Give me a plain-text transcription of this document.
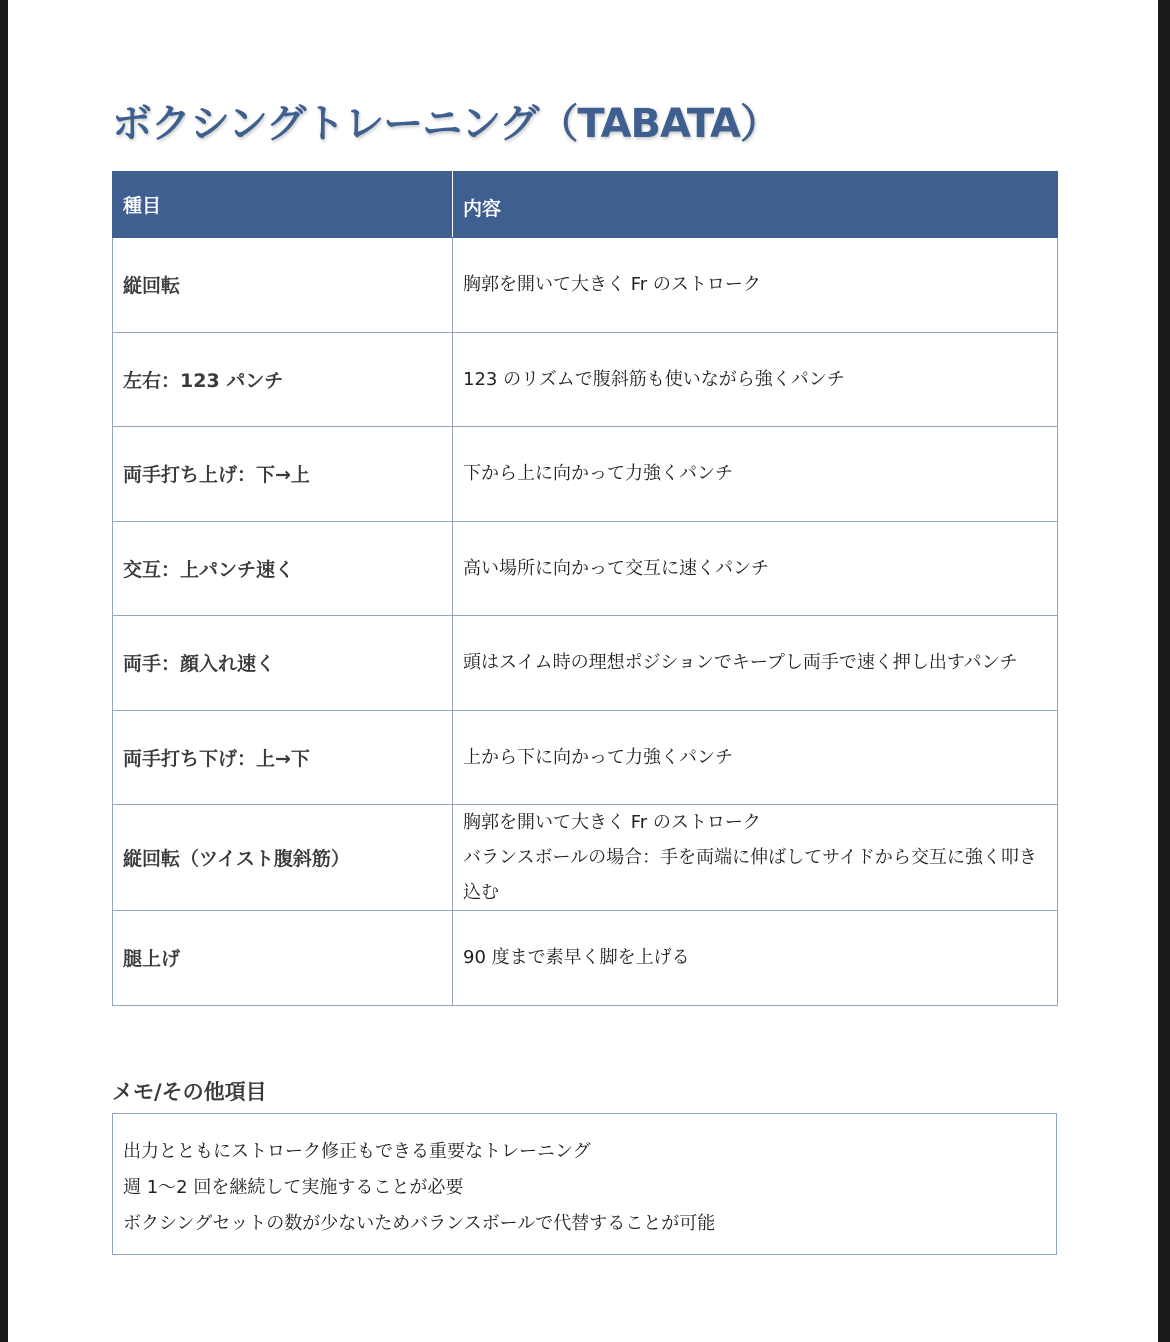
ボクシングトレーニング（TABATA）
種目	内容
縦回転	胸郭を開いて大きく Fr のストローク

左右：123 パンチ	123 のリズムで腹斜筋も使いながら強くパンチ

両手打ち上げ：下→上	下から上に向かって力強くパンチ

交互：上パンチ速く	高い場所に向かって交互に速くパンチ

両手：顔入れ速く	頭はスイム時の理想ポジションでキープし両手で速く押し出すパンチ

両手打ち下げ：上→下	上から下に向かって力強くパンチ

縦回転（ツイスト腹斜筋）	胸郭を開いて大きく Fr のストローク
バランスボールの場合：手を両端に伸ばしてサイドから交互に強く叩き込む

腿上げ	90 度まで素早く脚を上げる
メモ/その他項目
出力とともにストローク修正もできる重要なトレーニング
週 1～2 回を継続して実施することが必要
ボクシングセットの数が少ないためバランスボールで代替することが可能
